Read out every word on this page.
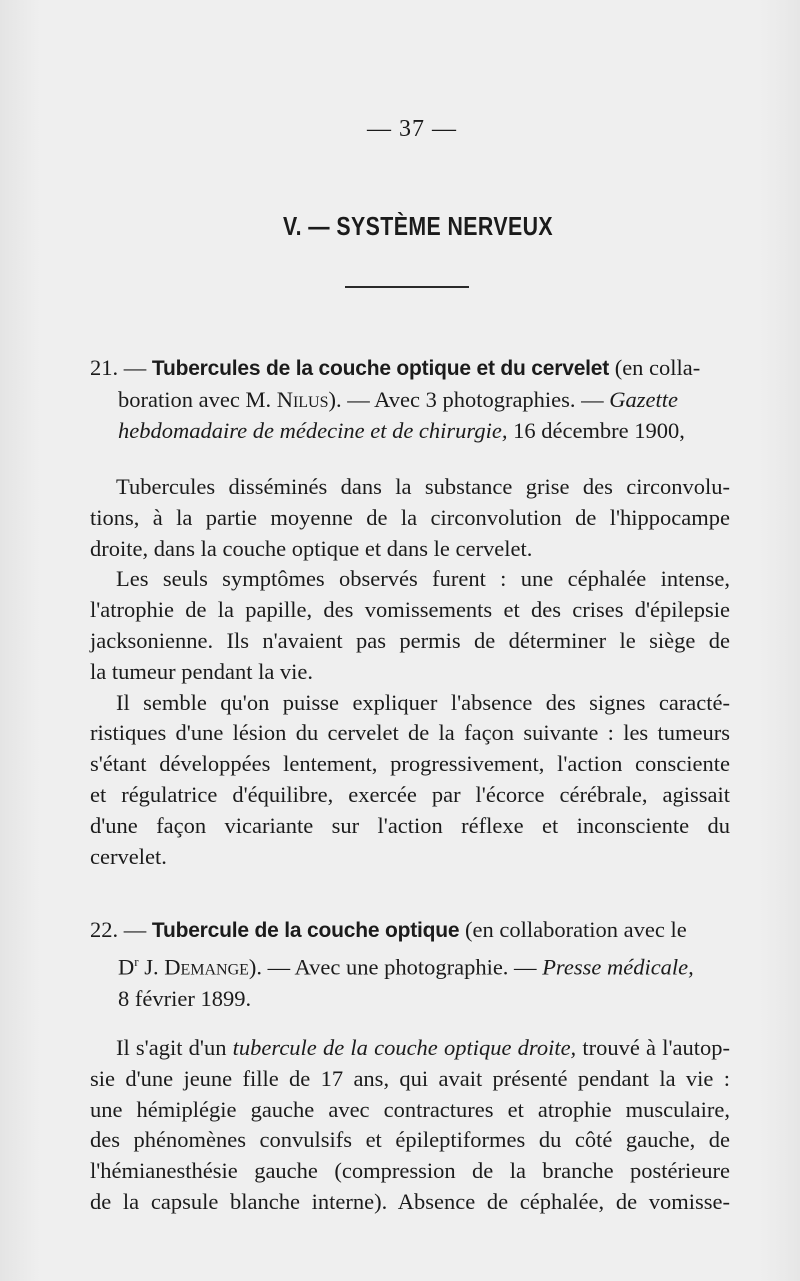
— 37 —
V. — SYSTÈME NERVEUX
21. — Tubercules de la couche optique et du cervelet (en colla-
boration avec M. Nilus). — Avec 3 photographies. — Gazette
hebdomadaire de médecine et de chirurgie, 16 décembre 1900,
Tubercules disséminés dans la substance grise des circonvolu-
tions, à la partie moyenne de la circonvolution de l'hippocampe
droite, dans la couche optique et dans le cervelet.
Les seuls symptômes observés furent : une céphalée intense,
l'atrophie de la papille, des vomissements et des crises d'épilepsie
jacksonienne. Ils n'avaient pas permis de déterminer le siège de
la tumeur pendant la vie.
Il semble qu'on puisse expliquer l'absence des signes caracté-
ristiques d'une lésion du cervelet de la façon suivante : les tumeurs
s'étant développées lentement, progressivement, l'action consciente
et régulatrice d'équilibre, exercée par l'écorce cérébrale, agissait
d'une façon vicariante sur l'action réflexe et inconsciente du
cervelet.
22. — Tubercule de la couche optique (en collaboration avec le
$D^r$ J. Demange). — Avec une photographie. — Presse médicale,
8 février 1899.
Il s'agit d'un tubercule de la couche optique droite, trouvé à l'autop-
sie d'une jeune fille de 17 ans, qui avait présenté pendant la vie :
une hémiplégie gauche avec contractures et atrophie musculaire,
des phénomènes convulsifs et épileptiformes du côté gauche, de
l'hémianesthésie gauche (compression de la branche postérieure
de la capsule blanche interne). Absence de céphalée, de vomisse-
